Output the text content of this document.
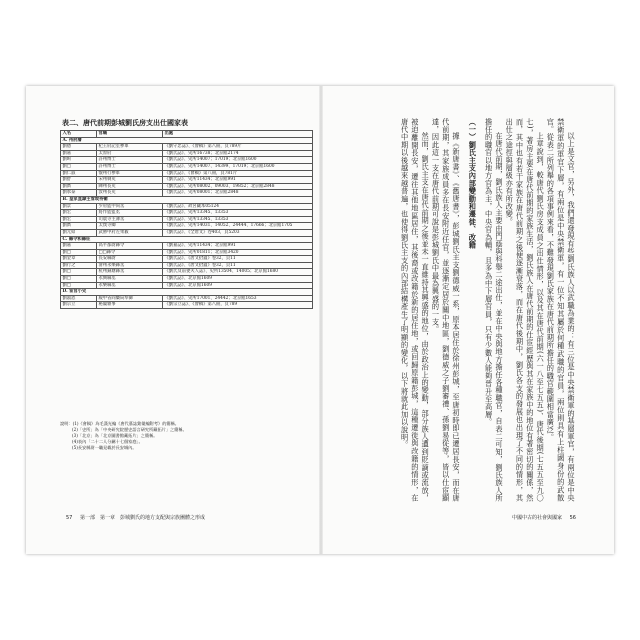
表二、唐代前期彭城劉氏房支出仕國家表
人名	官職	出處
A. 州府層		
劉德	杞王府記室參軍	《劉守忠誌》、《會稿》第八冊，頁789片
劉嘉	太原府	《劉氏誌》、史所16738；北京館2174
劉昫	許州博士	《劉氏誌》、史所14007；17019；北京館1600
劉□	許州博士	《劉氏誌》、史所14007、14399、17019；北京館1600
劉仁叡	懷州行參軍	《劉氏誌》、《會稿》第八冊，頁781片
劉舒	宋州刺史	《劉氏誌》、史所11434；北京館991
劉濟	陳州長史	《劉氏誌》、史所08002、09003、19852；北京館2848
劉承泰	汝州長史	《劉氏誌》、史所08001；北京館2848
B. 皇家直隸主管或侍衛		
劉景	少府監中尚丞	《劉氏誌》、故宮藏本05124
劉宏	將作監監丞	《劉氏誌》、史所13345、13353
劉宏	司農寺主簿丞	《劉氏誌》、史所13345、13353
劉濟	太僕寺卿	《劉氏誌》、史所14031、14052、24444、17666；北京館1705
劉元紹	武勝中府左果毅	《劉氏誌》、《全唐文》卷403，頁5203
C. 縣令和縣佐		
劉嘉	高平都尉縣令	《劉嘉誌》、史所11434；北京館991
劉□	□□縣令	《劉氏誌》、史所01811；北京館3420
劉金章	長安縣尉	《劉氏誌》、《唐文拾遺》卷32，頁11
劉行之	滑州永樂縣丞	《劉氏誌》、《唐文拾遺》卷32，頁11
劉□	杭州錢塘縣丞	《劉氏及前妻夫人誌》、史所13504、14005；北京館1680
劉□	永興縣丞	《劉氏誌》、北京館1609
劉□	永樂縣丞	《劉氏誌》、北京館1609
D. 宦官小史		
劉淑恩	殿中省尚藥局奉御	《劉氏誌》、史所17001、24442；北京館1653
劉宗立	秘閣雜事	《劉宗立誌》、《會稿》第八冊，頁789
說明：(1)《會稿》為毛漢光編《唐代墓誌銘彙編附考》的簡稱。
(2)「史所」為「中央研究院歷史語言研究所藏拓片」之簡稱。
(3)「北京」為「北京圖書館藏拓片」之簡稱。
(4)表內「二十二人分屬十七個家庭」。
(5)長安縣尉一職見載於長安城內。
57 第一部　第一章　彭城劉氏的地方支配與宗族團體之形成

以上是文官，另外，我們還發現有些劉氏族人以武職為業的：有三位是中央禁衛軍的基層軍官，有兩位是中央禁衛軍的軍官下層，有兩位是中央禁衛軍，有一位不知其屬於何種武職的官員，兩位則具有上柱國身份的武散官。從表二所列舉的各項事例來看，不難發現劉氏家族在唐代前期所擔任的職官範圍相當廣泛。

上章說到，較唐代劉氏房支成員之出仕情形，以及其在唐代前期(六一八至七五五)、唐代後期(七五五至九〇七)，著房主要在唐代前期的家族生活，劉氏族人在唐代前期的仕宦經歷與其在家族中的地位有著密切的關係，然而，其中也有若干家族在唐代前期之後便逐漸衰落，而在唐代後期中，劉氏各支的發展也出現了不同的情形，其出仕之途徑與層級亦有所改變。

在唐代前期，劉氏族人主要由門蔭與科舉二途出仕，並在中央與地方擔任各種職官，自表二可知，劉氏族人所擔任的職官以地方官為主，中央官為輔，且多為中下層官員，只有少數人能夠晉升至高層。

（一）劉氏主支內部變動和遷徙、改籍

據《新唐書》、《舊唐書》，彭城劉氏主支劉德威一系，原本居住於徐州彭城，至唐初時即已遷居長安，而在唐代前期，其家族成員多在長安附近任官，並逐漸定居於關中地區，劉德威之子劉審禮、孫劉易從等，皆以仕宦顯達，因此這一支在唐代前期可說是彭城劉氏中最為興盛的一支。

然而，劉氏主支在唐代前期之後並未一直維持其興盛的地位，由於政治上的變動，部分族人遭到貶謫或流放，被迫離開長安，遷往其他地區居住，其後裔或改籍於新的居住地，或回歸原籍彭城，這種遷徙與改籍的情形，在唐代中期以後越來越普遍，也使得劉氏主支的內部結構產生了明顯的變化，以下將就此加以說明。

中國中古的社會與國家 56
